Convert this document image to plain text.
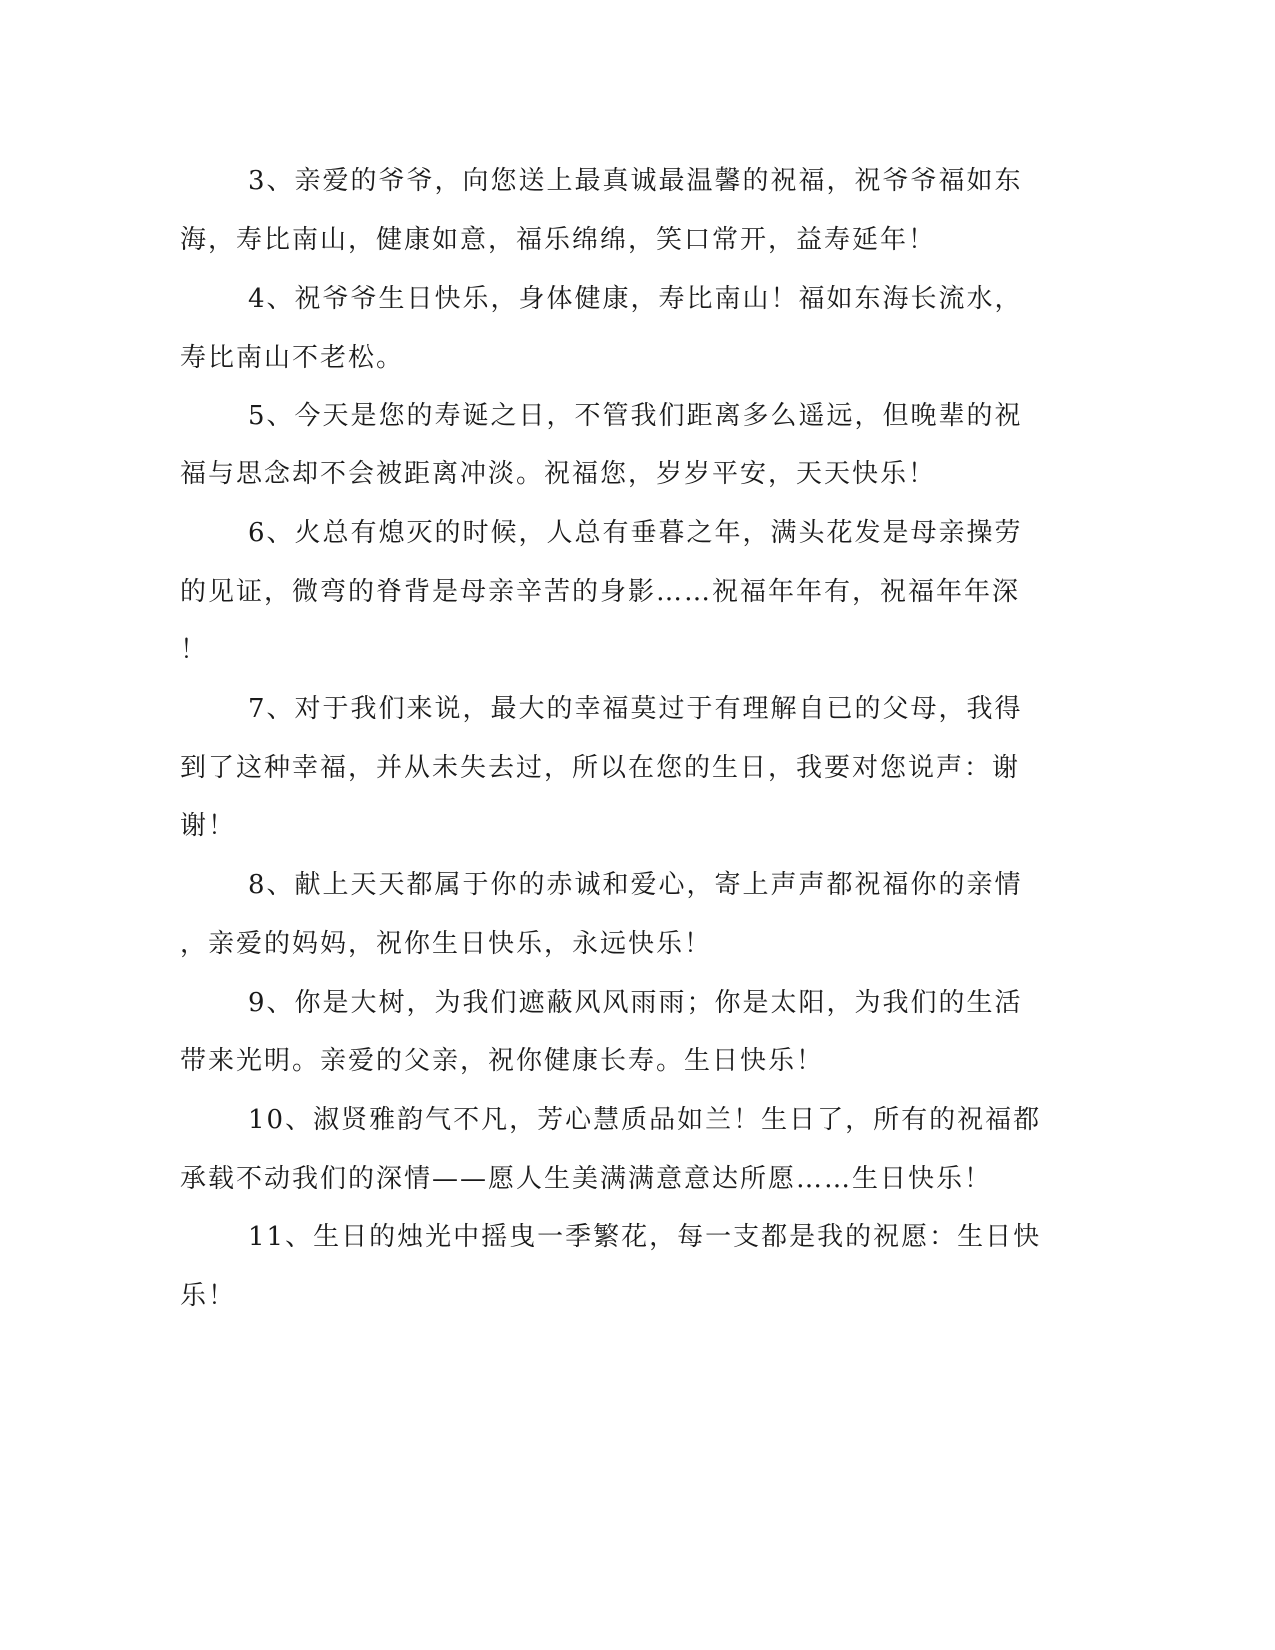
3、亲爱的爷爷，向您送上最真诚最温馨的祝福，祝爷爷福如东
海，寿比南山，健康如意，福乐绵绵，笑口常开，益寿延年！
4、祝爷爷生日快乐，身体健康，寿比南山！福如东海长流水，
寿比南山不老松。
5、今天是您的寿诞之日，不管我们距离多么遥远，但晚辈的祝
福与思念却不会被距离冲淡。祝福您，岁岁平安，天天快乐！
6、火总有熄灭的时候，人总有垂暮之年，满头花发是母亲操劳
的见证，微弯的脊背是母亲辛苦的身影……祝福年年有，祝福年年深
！
7、对于我们来说，最大的幸福莫过于有理解自已的父母，我得
到了这种幸福，并从未失去过，所以在您的生日，我要对您说声：谢
谢！
8、献上天天都属于你的赤诚和爱心，寄上声声都祝福你的亲情
，亲爱的妈妈，祝你生日快乐，永远快乐！
9、你是大树，为我们遮蔽风风雨雨；你是太阳，为我们的生活
带来光明。亲爱的父亲，祝你健康长寿。生日快乐！
10、淑贤雅韵气不凡，芳心慧质品如兰！生日了，所有的祝福都
承载不动我们的深情——愿人生美满满意意达所愿……生日快乐！
11、生日的烛光中摇曳一季繁花，每一支都是我的祝愿：生日快
乐！
